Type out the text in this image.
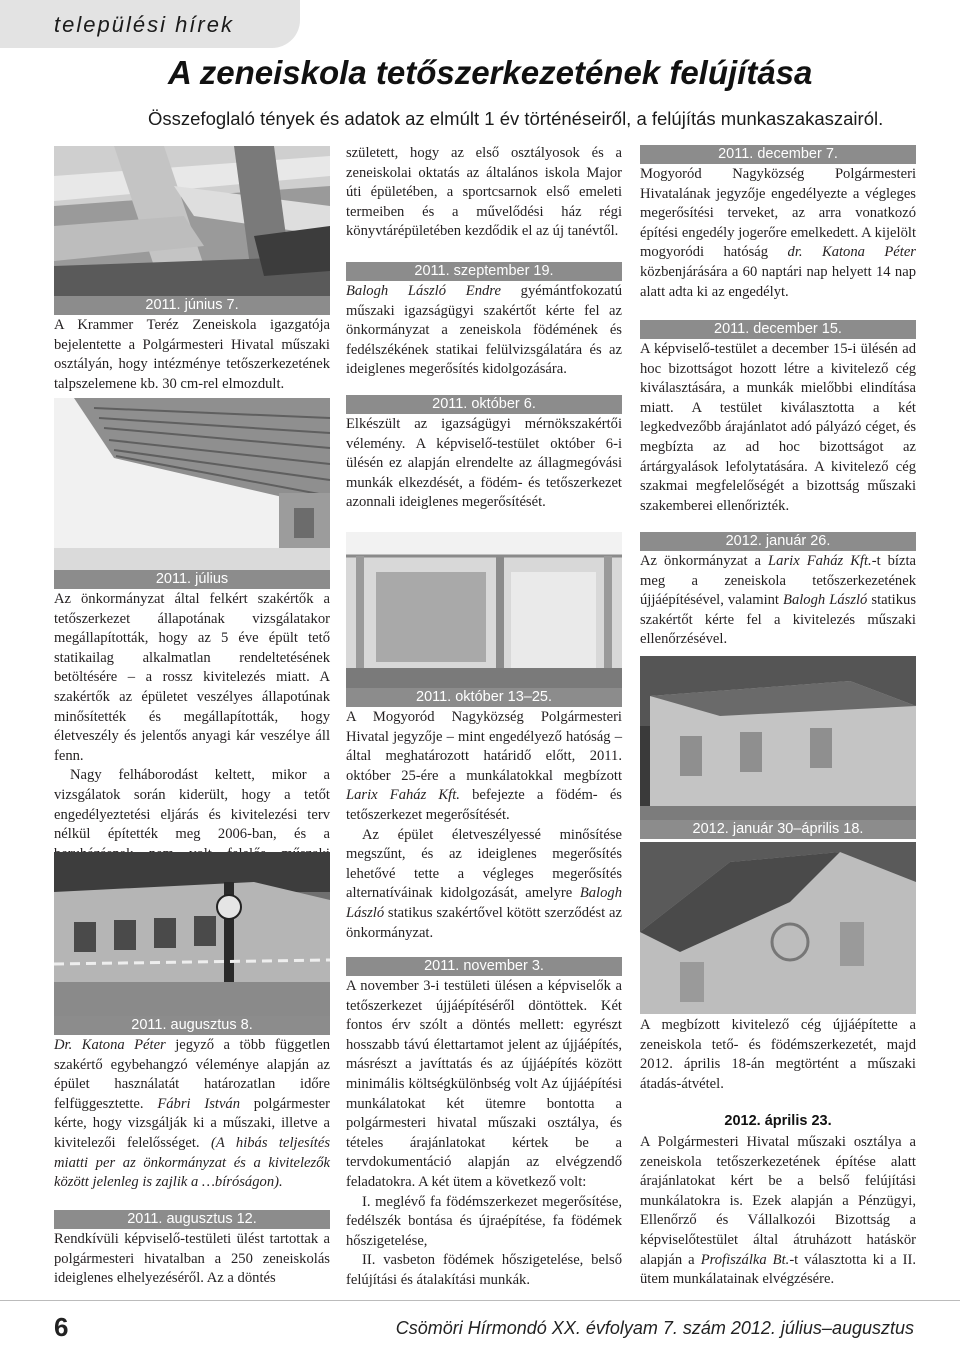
települési hírek
A zeneiskola tetőszerkezetének felújítása
Összefoglaló tények és adatok az elmúlt 1 év történéseiről, a felújítás munkaszakaszairól.
2011. június 7.
A Krammer Teréz Zeneiskola igazgatója bejelentette a Polgármesteri Hivatal műszaki osztályán, hogy intézménye tetőszerkezetének talpszelemene kb. 30 cm-rel elmozdult.
2011. július

Az önkormányzat által felkért szakértők a tetőszerkezet állapotának vizsgálatakor megállapították, hogy az 5 éve épült tető statikailag alkalmatlan rendeltetésének betöltésére – a rossz kivitelezés miatt. A szakértők az épületet veszélyes állapotúnak minősítették és megállapították, hogy életveszély és jelentős anyagi kár veszélye áll fenn.

Nagy felháborodást keltett, mikor a vizsgálatok során kiderült, hogy a tetőt engedélyeztetési eljárás és kivitelezési terv nélkül építették meg 2006-ban, és a

2011. augusztus 8.
Dr. Katona Péter jegyző a több független szakértő egybehangzó véleménye alapján az épület használatát határozatlan időre felfüggesztette. Fábri István polgármester kérte, hogy vizsgálják ki a műszaki, illetve a kivitelezői felelősséget. (A hibás teljesítés miatti per az önkormányzat és a kivitelezők között jelenleg is zajlik a …bíróságon).
2011. augusztus 12.
Rendkívüli képviselő-testületi ülést tartottak a polgármesteri hivatalban a 250 zeneiskolás ideiglenes elhelyezéséről. Az a döntés
született, hogy az első osztályosok és a zeneiskolai oktatás az általános iskola Major úti épületében, a sportcsarnok első emeleti termeiben és a művelődési ház régi könyvtárépületében kezdődik el az új tanévtől.
2011. szeptember 19.
Balogh László Endre gyémántfokozatú műszaki igazságügyi szakértőt kérte fel az önkormányzat a zeneiskola födémének és fedélszékének statikai felülvizsgálatára és az ideiglenes megerősítés kidolgozására.
2011. október 6.
Elkészült az igazságügyi mérnökszakértői vélemény. A képviselő-testület október 6-i ülésén ez alapján elrendelte az állagmegóvási munkák elkezdését, a födém- és tetőszerkezet azonnali ideiglenes megerősítését.
2011. október 13–25.

A Mogyoród Nagyközség Polgármesteri Hivatal jegyzője – mint engedélyező hatóság – által meghatározott határidő előtt, 2011. október 25-ére a munkálatokkal megbízott Larix Faház Kft. befejezte a födém- és tetőszerkezet megerősítését.

Az épület életveszélyessé minősítése megszűnt, és az ideiglenes megerősítés lehetővé tette a végleges megerősítés alternatíváinak kidolgozását, amelyre Balogh László statikus szakértővel kötött szerződést az önkormányzat.

2011. november 3.

A november 3-i testületi ülésen a képviselők a tetőszerkezet újjáépítéséről döntöttek. Két fontos érv szólt a döntés mellett: egyrészt hosszabb távú élettartamot jelent az újjáépítés, másrészt a javíttatás és az újjáépítés között minimális költségkülönbség volt Az újjáépítési munkálatokat két ütemre bontotta a polgármesteri hivatal műszaki osztálya, és tételes árajánlatokat kértek be a tervdokumentáció alapján az elvégzendő feladatokra. A két ütem a következő volt:

I. meglévő fa födémszerkezet megerősítése, fedélszék bontása és újraépítése, fa födémek hőszigetelése,

II. vasbeton födémek hőszigetelése, belső felújítási és átalakítási munkák.

2011. december 7.
Mogyoród Nagyközség Polgármesteri Hivatalának jegyzője engedélyezte a végleges megerősítési terveket, az arra vonatkozó építési engedély jogerőre emelkedett. A kijelölt mogyoródi hatóság dr. Katona Péter közbenjárására a 60 naptári nap helyett 14 nap alatt adta ki az engedélyt.
2011. december 15.
A képviselő-testület a december 15-i ülésén ad hoc bizottságot hozott létre a kivitelező cég kiválasztására, a munkák mielőbbi elindítása miatt. A testület kiválasztotta a két legkedvezőbb árajánlatot adó pályázó céget, és megbízta az ad hoc bizottságot az ártárgyalások lefolytatására. A kivitelező cég szakmai megfelelőségét a bizottság műszaki szakemberei ellenőrizték.
2012. január 26.
Az önkormányzat a Larix Faház Kft.-t bízta meg a zeneiskola tetőszerkezetének újjáépítésével, valamint Balogh László statikus szakértőt kérte fel a kivitelezés műszaki ellenőrzésével.
2012. január 30–április 18.
A megbízott kivitelező cég újjáépítette a zeneiskola tető- és födémszerkezetét, majd 2012. április 18-án megtörtént a műszaki átadás-átvétel.
2012. április 23.
A Polgármesteri Hivatal műszaki osztálya a zeneiskola tetőszerkezetének építése alatt árajánlatokat kért be a belső felújítási munkálatokra is. Ezek alapján a Pénzügyi, Ellenőrző és Vállalkozói Bizottság a képviselőtestület által átruházott hatáskör alapján a Profiszálka Bt.-t választotta ki a II. ütem munkálatainak elvégzésére.
6	Csömöri Hírmondó XX. évfolyam 7. szám 2012. július–augusztus
